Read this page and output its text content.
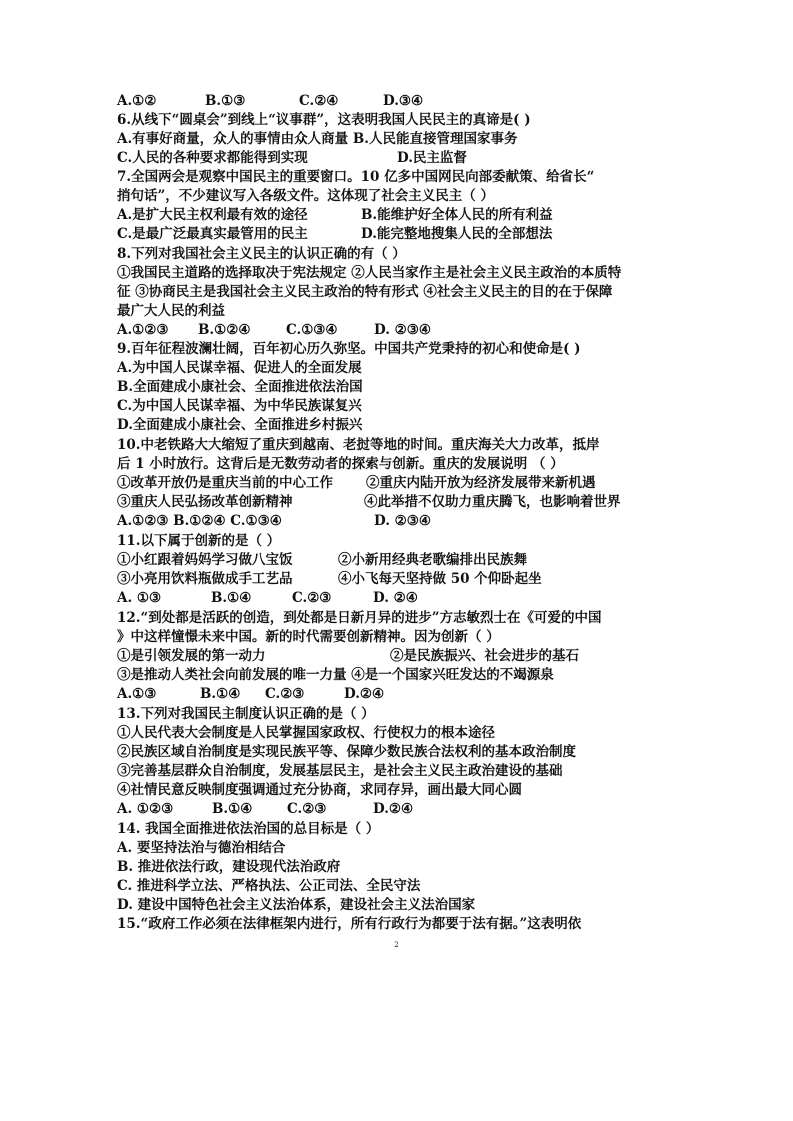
A.①②	B.①③	C.②④	D.③④
6.从线下“圆桌会”到线上“议事群”，这表明我国人民民主的真谛是( )
A.有事好商量，众人的事情由众人商量 B.人民能直接管理国家事务
C.人民的各种要求都能得到实现	D.民主监督
7.全国两会是观察中国民主的重要窗口。10 亿多中国网民向部委献策、给省长“
捎句话”，不少建议写入各级文件。这体现了社会主义民主（ ）
A.是扩大民主权利最有效的途径	B.能维护好全体人民的所有利益
C.是最广泛最真实最管用的民主	D.能完整地搜集人民的全部想法
8.下列对我国社会主义民主的认识正确的有（ ）
①我国民主道路的选择取决于宪法规定 ②人民当家作主是社会主义民主政治的本质特
征 ③协商民主是我国社会主义民主政治的特有形式 ④社会主义民主的目的在于保障
最广大人民的利益
A.①②③ B.①②④	C.①③④	D. ②③④
9.百年征程波澜壮阔，百年初心历久弥坚。中国共产党秉持的初心和使命是( )
A.为中国人民谋幸福、促进人的全面发展
B.全面建成小康社会、全面推进依法治国
C.为中国人民谋幸福、为中华民族谋复兴
D.全面建成小康社会、全面推进乡村振兴
10.中老铁路大大缩短了重庆到越南、老挝等地的时间。重庆海关大力改革，抵岸
后 1 小时放行。这背后是无数劳动者的探索与创新。重庆的发展说明 （ ）
①改革开放仍是重庆当前的中心工作 ②重庆内陆开放为经济发展带来新机遇
③重庆人民弘扬改革创新精神	④此举措不仅助力重庆腾飞，也影响着世界
A.①②③ B.①②④ C.①③④	D. ②③④
11.以下属于创新的是（ ）
①小红跟着妈妈学习做八宝饭	②小新用经典老歌编排出民族舞
③小亮用饮料瓶做成手工艺品	④小飞每天坚持做 50 个仰卧起坐
A. ①③	B.①④	C.②③	D. ②④
12.“到处都是活跃的创造，到处都是日新月异的进步”方志敏烈士在《可爱的中国
》中这样憧憬未来中国。新的时代需要创新精神。因为创新（ ）
①是引领发展的第一动力	②是民族振兴、社会进步的基石
③是推动人类社会向前发展的唯一力量 ④是一个国家兴旺发达的不竭源泉
A.①③	B.①④ C.②③	D.②④
13.下列对我国民主制度认识正确的是（ ）
①人民代表大会制度是人民掌握国家政权、行使权力的根本途径
②民族区域自治制度是实现民族平等、保障少数民族合法权利的基本政治制度
③完善基层群众自治制度，发展基层民主，是社会主义民主政治建设的基础
④社情民意反映制度强调通过充分协商，求同存异，画出最大同心圆
A. ①②③	B.①④	C.②③	D.②④
14. 我国全面推进依法治国的总目标是（ ）
A. 要坚持法治与德治相结合
B. 推进依法行政，建设现代法治政府
C. 推进科学立法、严格执法、公正司法、全民守法
D. 建设中国特色社会主义法治体系，建设社会主义法治国家
15.“政府工作必须在法律框架内进行，所有行政行为都要于法有据。”这表明依
2
